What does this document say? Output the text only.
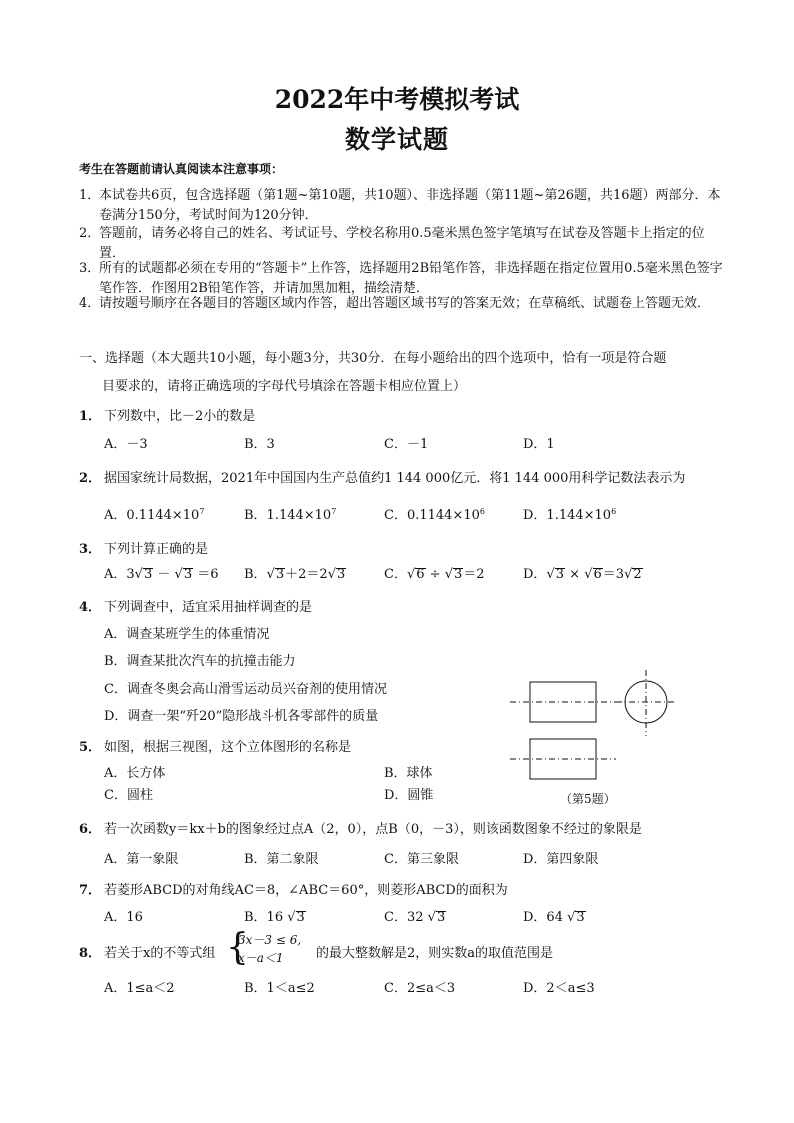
2022年中考模拟考试
数学试题
考生在答题前请认真阅读本注意事项：
1．
本试卷共6页，包含选择题（第1题~第10题，共10题）、非选择题（第11题~第26题，共16题）两部分．本卷满分150分，考试时间为120分钟．
2．
答题前，请务必将自己的姓名、考试证号、学校名称用0.5毫米黑色签字笔填写在试卷及答题卡上指定的位置．
3．
所有的试题都必须在专用的“答题卡”上作答，选择题用2B铅笔作答，非选择题在指定位置用0.5毫米黑色签字笔作答．作图用2B铅笔作答，并请加黑加粗，描绘清楚．
4．
请按题号顺序在各题目的答题区域内作答，超出答题区域书写的答案无效；在草稿纸、试题卷上答题无效．
一、选择题（本大题共10小题，每小题3分，共30分．在每小题给出的四个选项中，恰有一项是符合题
目要求的，请将正确选项的字母代号填涂在答题卡相应位置上）
1． 下列数中，比－2小的数是
A．－3	B．3	C．－1	D．1
2． 据国家统计局数据，2021年中国国内生产总值约1 144 000亿元．将1 144 000用科学记数法表示为
A．$0.1144\times 10^7$	B．$1.144\times 10^7$	C．$0.1144\times 10^6$	D．$1.144\times 10^6$
3． 下列计算正确的是
A．3√3 － √3 ＝6 B．√3＋2＝2√3	C．√6 ÷ √3＝2	D．√3 × √6＝3√2
4． 下列调查中，适宜采用抽样调查的是
A．调查某班学生的体重情况
B．调查某批次汽车的抗撞击能力
C．调查冬奥会高山滑雪运动员兴奋剂的使用情况
D．调查一架“歼20”隐形战斗机各零部件的质量
5． 如图，根据三视图，这个立体图形的名称是
A．长方体	B．球体
C．圆柱	D．圆锥	（第5题）
6． 若一次函数y＝kx＋b的图象经过点A（2，0），点B（0，－3），则该函数图象不经过的象限是
A．第一象限	B．第二象限	C．第三象限	D．第四象限
7． 若菱形ABCD的对角线AC＝8，∠ABC＝60°，则菱形ABCD的面积为
A．16	B．16 √3	C．32 √3	D．64 √3
8． 若关于x的不等式组 {
3x－3 ≤ 6,
x－a＜1 的最大整数解是2，则实数a的取值范围是
A．1≤a＜2	B．1＜a≤2	C．2≤a＜3	D．2＜a≤3
